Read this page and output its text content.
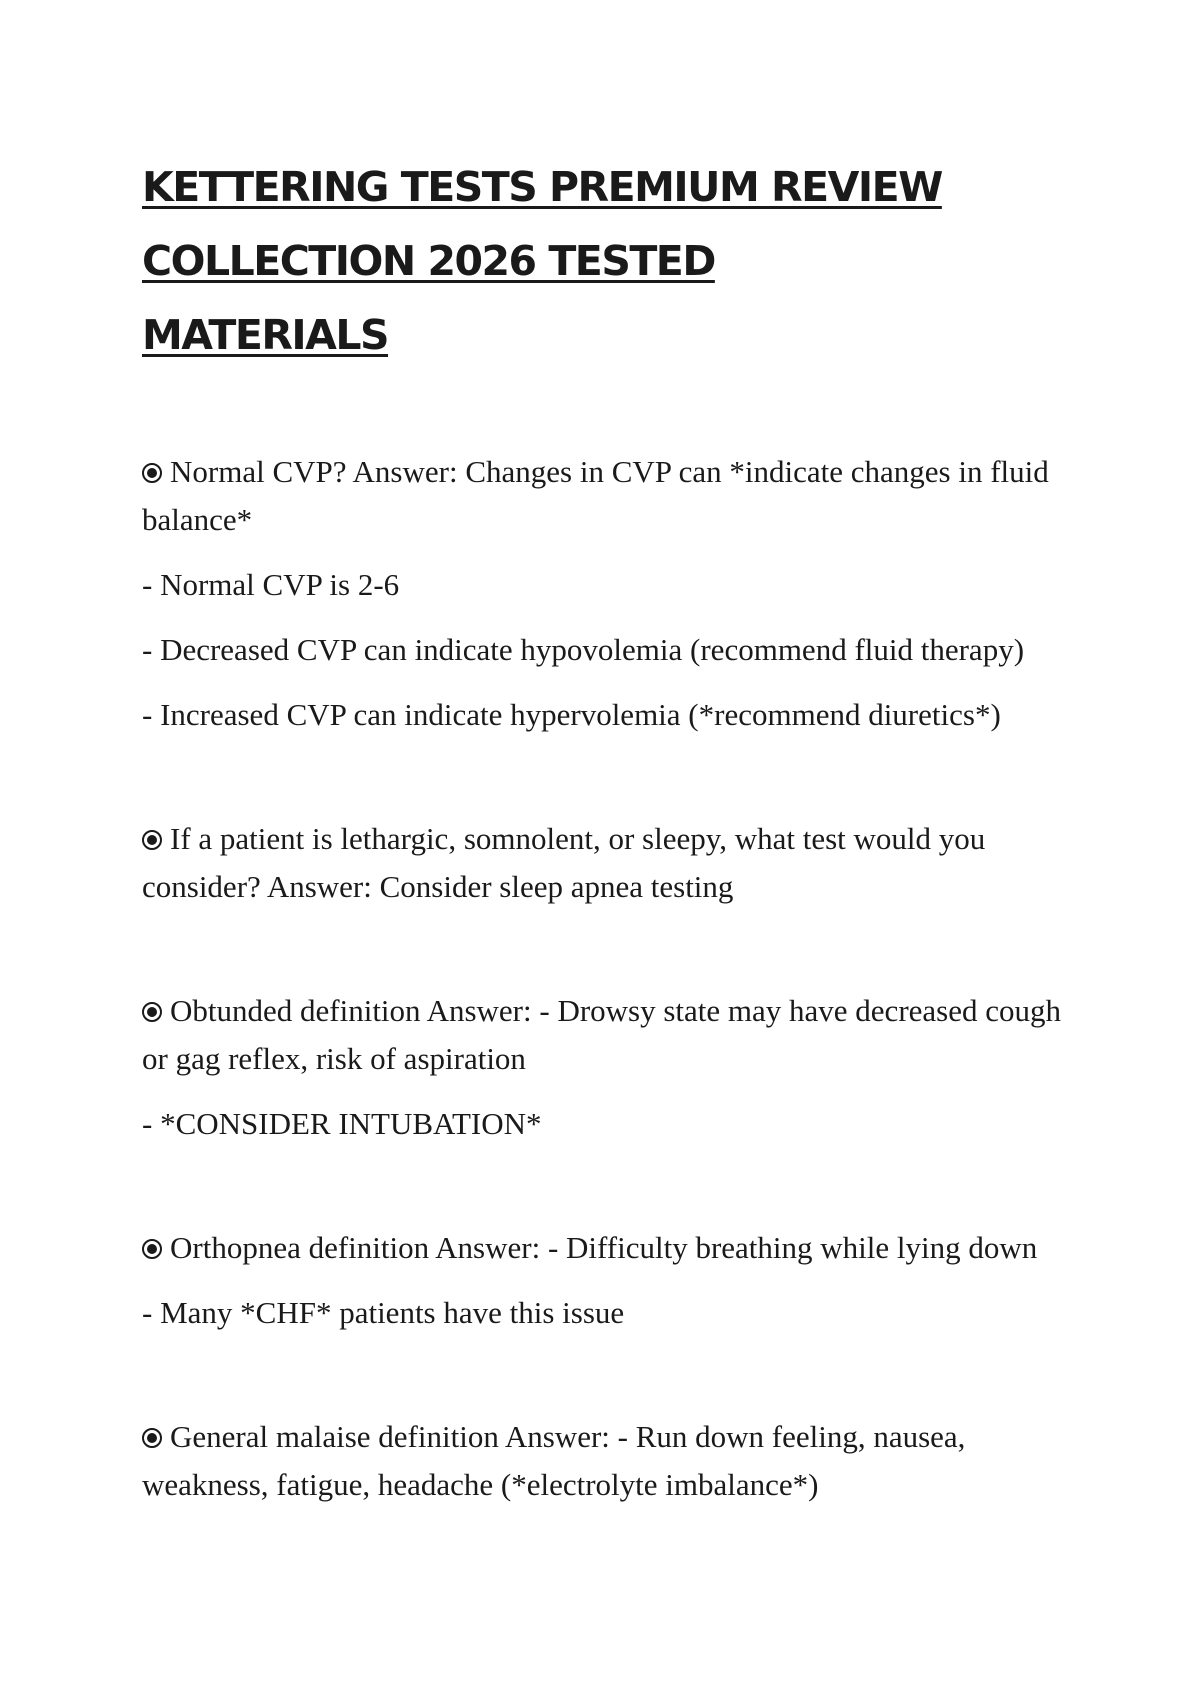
KETTERING TESTS PREMIUM REVIEW
COLLECTION 2026 TESTED MATERIALS

Normal CVP? Answer: Changes in CVP can *indicate changes in fluid balance*

- Normal CVP is 2-6

- Decreased CVP can indicate hypovolemia (recommend fluid therapy)

- Increased CVP can indicate hypervolemia (*recommend diuretics*)

If a patient is lethargic, somnolent, or sleepy, what test would you consider? Answer: Consider sleep apnea testing

Obtunded definition Answer: - Drowsy state may have decreased cough or gag reflex, risk of aspiration

- *CONSIDER INTUBATION*

Orthopnea definition Answer: - Difficulty breathing while lying down

- Many *CHF* patients have this issue

General malaise definition Answer: - Run down feeling, nausea, weakness, fatigue, headache (*electrolyte imbalance*)
